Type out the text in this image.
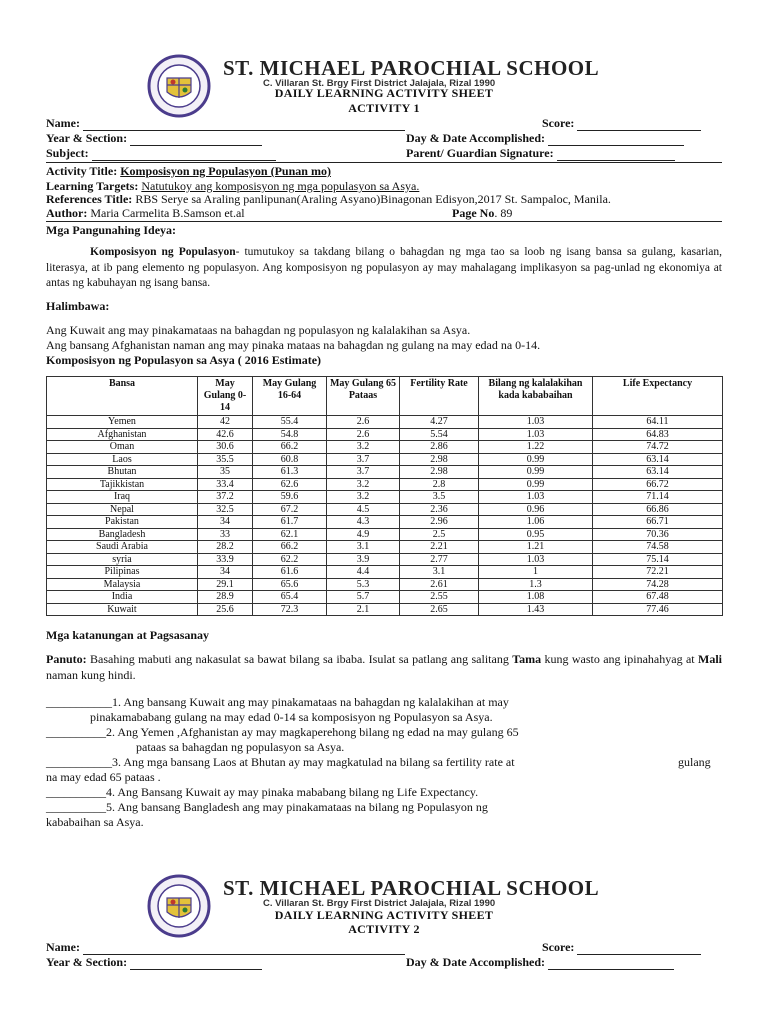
ST. MICHAEL PAROCHIAL SCHOOL
C. Villaran St. Brgy First District Jalajala, Rizal 1990
DAILY LEARNING ACTIVITY SHEET
ACTIVITY 1
Name:	Score:
Year & Section:	Day & Date Accomplished:
Subject:	Parent/ Guardian Signature:
Activity Title: Komposisyon ng Populasyon (Punan mo)
Learning Targets: Natutukoy ang komposisyon ng mga populasyon sa Asya.
References Title: RBS Serye sa Araling panlipunan(Araling Asyano)Binagonan Edisyon,2017 St. Sampaloc, Manila.
Author: Maria Carmelita B.Samson et.al	Page No. 89
Mga Pangunahing Ideya:
Komposisyon ng Populasyon- tumutukoy sa takdang bilang o bahagdan ng mga tao sa loob ng isang bansa sa gulang, kasarian, literasya, at ib pang elemento ng populasyon. Ang komposisyon ng populasyon ay may mahalagang implikasyon sa pag-unlad ng ekonomiya at antas ng kabuhayan ng isang bansa.
Halimbawa:
Ang Kuwait ang may pinakamataas na bahagdan ng populasyon ng kalalakihan sa Asya.
Ang bansang Afghanistan naman ang may pinaka mataas na bahagdan ng gulang na may edad na 0-14.
Komposisyon ng Populasyon sa Asya ( 2016 Estimate)
Bansa	May Gulang 0-14	May Gulang 16-64	May Gulang 65 Pataas	Fertility Rate	Bilang ng kalalakihan kada kababaihan	Life Expectancy
Yemen	42	55.4	2.6	4.27	1.03	64.11
Afghanistan	42.6	54.8	2.6	5.54	1.03	64.83
Oman	30.6	66.2	3.2	2.86	1.22	74.72
Laos	35.5	60.8	3.7	2.98	0.99	63.14
Bhutan	35	61.3	3.7	2.98	0.99	63.14
Tajikkistan	33.4	62.6	3.2	2.8	0.99	66.72
Iraq	37.2	59.6	3.2	3.5	1.03	71.14
Nepal	32.5	67.2	4.5	2.36	0.96	66.86
Pakistan	34	61.7	4.3	2.96	1.06	66.71
Bangladesh	33	62.1	4.9	2.5	0.95	70.36
Saudi Arabia	28.2	66.2	3.1	2.21	1.21	74.58
syria	33.9	62.2	3.9	2.77	1.03	75.14
Pilipinas	34	61.6	4.4	3.1	1	72.21
Malaysia	29.1	65.6	5.3	2.61	1.3	74.28
India	28.9	65.4	5.7	2.55	1.08	67.48
Kuwait	25.6	72.3	2.1	2.65	1.43	77.46
Mga katanungan at Pagsasanay
Panuto: Basahing mabuti ang nakasulat sa bawat bilang sa ibaba. Isulat sa patlang ang salitang Tama kung wasto ang ipinahahyag at Mali naman kung hindi.
___________1. Ang bansang Kuwait ang may pinakamataas na bahagdan ng kalalakihan at may
pinakamababang gulang na may edad 0-14 sa komposisyon ng Populasyon sa Asya.
__________2. Ang Yemen ,Afghanistan ay may magkaperehong bilang ng edad na may gulang 65
pataas sa bahagdan ng populasyon sa Asya.
___________3. Ang mga bansang Laos at Bhutan ay may magkatulad na bilang sa fertility rate at	gulang
na may edad 65 pataas .
__________4. Ang Bansang Kuwait ay may pinaka mababang bilang ng Life Expectancy.
__________5. Ang bansang Bangladesh ang may pinakamataas na bilang ng Populasyon ng
kababaihan sa Asya.
ST. MICHAEL PAROCHIAL SCHOOL
C. Villaran St. Brgy First District Jalajala, Rizal 1990
DAILY LEARNING ACTIVITY SHEET
ACTIVITY 2
Name:	Score:
Year & Section:	Day & Date Accomplished:
